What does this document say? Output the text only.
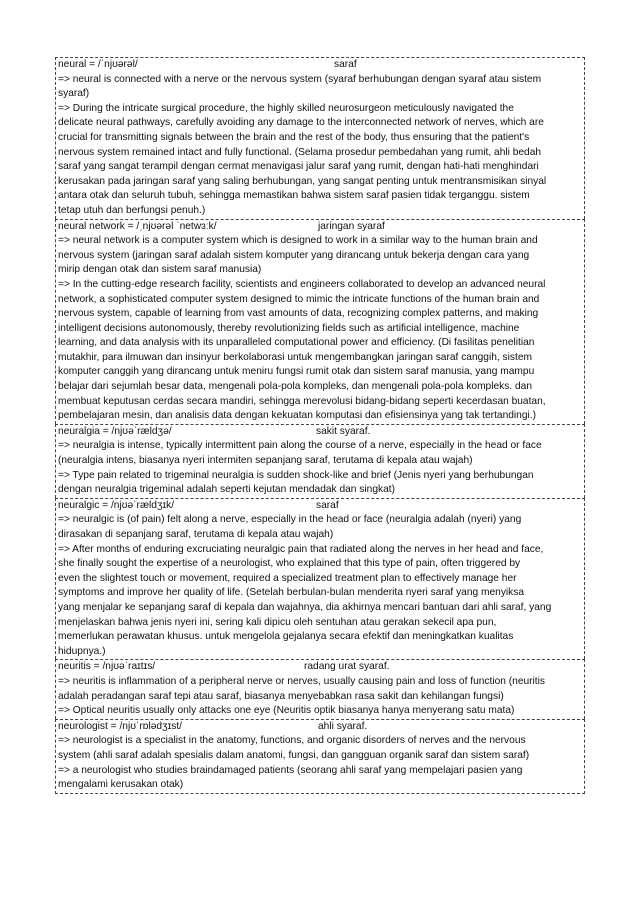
neural = /ˈnjʊərəl/	saraf
=> neural is connected with a nerve or the nervous system (syaraf berhubungan dengan syaraf atau sistem
syaraf)
=> During the intricate surgical procedure, the highly skilled neurosurgeon meticulously navigated the
delicate neural pathways, carefully avoiding any damage to the interconnected network of nerves, which are
crucial for transmitting signals between the brain and the rest of the body, thus ensuring that the patient's
nervous system remained intact and fully functional. (Selama prosedur pembedahan yang rumit, ahli bedah
saraf yang sangat terampil dengan cermat menavigasi jalur saraf yang rumit, dengan hati-hati menghindari
kerusakan pada jaringan saraf yang saling berhubungan, yang sangat penting untuk mentransmisikan sinyal
antara otak dan seluruh tubuh, sehingga memastikan bahwa sistem saraf pasien tidak terganggu. sistem
tetap utuh dan berfungsi penuh.)
neural network = /ˌnjʊərəl ˈnetwɜːk/	jaringan syaraf
=> neural network is a computer system which is designed to work in a similar way to the human brain and
nervous system (jaringan saraf adalah sistem komputer yang dirancang untuk bekerja dengan cara yang
mirip dengan otak dan sistem saraf manusia)
=> In the cutting-edge research facility, scientists and engineers collaborated to develop an advanced neural
network, a sophisticated computer system designed to mimic the intricate functions of the human brain and
nervous system, capable of learning from vast amounts of data, recognizing complex patterns, and making
intelligent decisions autonomously, thereby revolutionizing fields such as artificial intelligence, machine
learning, and data analysis with its unparalleled computational power and efficiency. (Di fasilitas penelitian
mutakhir, para ilmuwan dan insinyur berkolaborasi untuk mengembangkan jaringan saraf canggih, sistem
komputer canggih yang dirancang untuk meniru fungsi rumit otak dan sistem saraf manusia, yang mampu
belajar dari sejumlah besar data, mengenali pola-pola kompleks, dan mengenali pola-pola kompleks. dan
membuat keputusan cerdas secara mandiri, sehingga merevolusi bidang-bidang seperti kecerdasan buatan,
pembelajaran mesin, dan analisis data dengan kekuatan komputasi dan efisiensinya yang tak tertandingi.)
neuralgia = /njʊəˈrældʒə/	sakit syaraf.
=> neuralgia is intense, typically intermittent pain along the course of a nerve, especially in the head or face
(neuralgia intens, biasanya nyeri intermiten sepanjang saraf, terutama di kepala atau wajah)
=> Type pain related to trigeminal neuralgia is sudden shock-like and brief (Jenis nyeri yang berhubungan
dengan neuralgia trigeminal adalah seperti kejutan mendadak dan singkat)
neuralgic = /njʊəˈrældʒɪk/	saraf
=> neuralgic is (of pain) felt along a nerve, especially in the head or face (neuralgia adalah (nyeri) yang
dirasakan di sepanjang saraf, terutama di kepala atau wajah)
=> After months of enduring excruciating neuralgic pain that radiated along the nerves in her head and face,
she finally sought the expertise of a neurologist, who explained that this type of pain, often triggered by
even the slightest touch or movement, required a specialized treatment plan to effectively manage her
symptoms and improve her quality of life. (Setelah berbulan-bulan menderita nyeri saraf yang menyiksa
yang menjalar ke sepanjang saraf di kepala dan wajahnya, dia akhirnya mencari bantuan dari ahli saraf, yang
menjelaskan bahwa jenis nyeri ini, sering kali dipicu oleh sentuhan atau gerakan sekecil apa pun,
memerlukan perawatan khusus. untuk mengelola gejalanya secara efektif dan meningkatkan kualitas
hidupnya.)
neuritis = /njʊəˈraɪtɪs/	radang urat syaraf.
=> neuritis is inflammation of a peripheral nerve or nerves, usually causing pain and loss of function (neuritis
adalah peradangan saraf tepi atau saraf, biasanya menyebabkan rasa sakit dan kehilangan fungsi)
=> Optical neuritis usually only attacks one eye (Neuritis optik biasanya hanya menyerang satu mata)
neurologist = /njʊˈrɒlədʒɪst/	ahli syaraf.
=> neurologist is a specialist in the anatomy, functions, and organic disorders of nerves and the nervous
system (ahli saraf adalah spesialis dalam anatomi, fungsi, dan gangguan organik saraf dan sistem saraf)
=> a neurologist who studies braindamaged patients (seorang ahli saraf yang mempelajari pasien yang
mengalami kerusakan otak)
